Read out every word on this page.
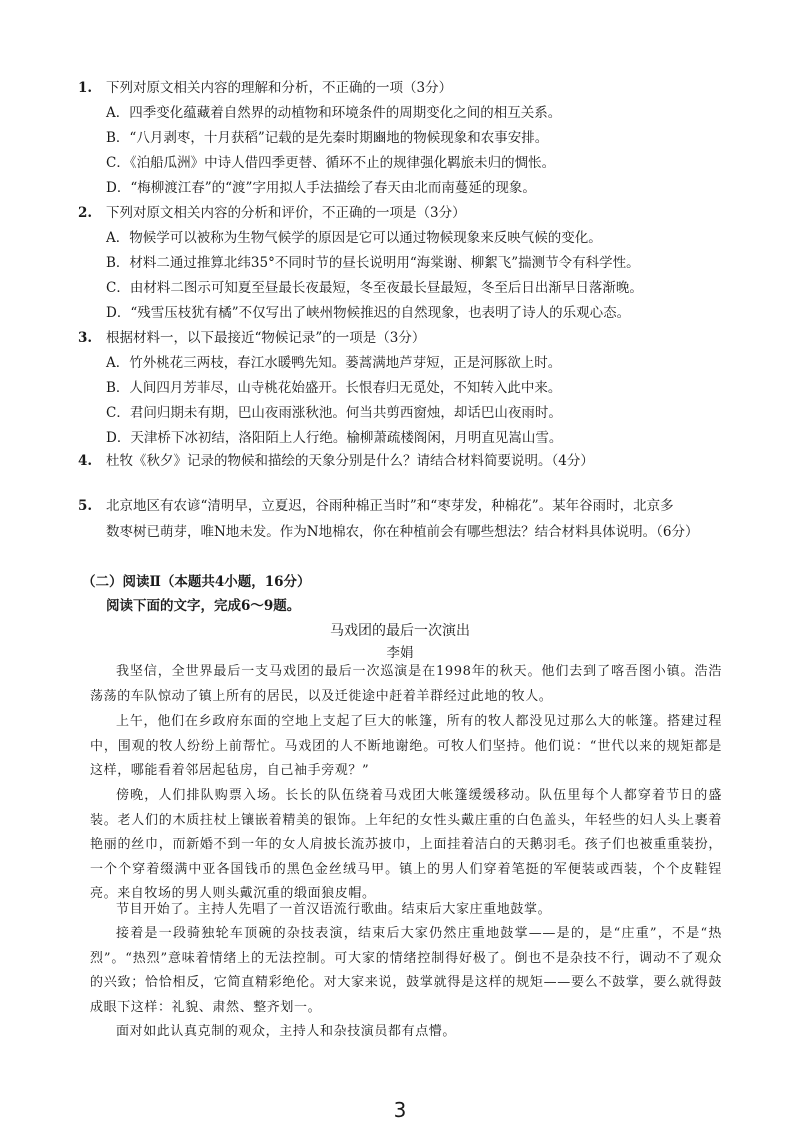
1. 下列对原文相关内容的理解和分析，不正确的一项（3分）
A．四季变化蕴藏着自然界的动植物和环境条件的周期变化之间的相互关系。
B．“八月剥枣，十月获稻”记载的是先秦时期豳地的物候现象和农事安排。
C．《泊船瓜洲》中诗人借四季更替、循环不止的规律强化羁旅未归的惆怅。
D．“梅柳渡江春”的“渡”字用拟人手法描绘了春天由北而南蔓延的现象。
2. 下列对原文相关内容的分析和评价，不正确的一项是（3分）
A．物候学可以被称为生物气候学的原因是它可以通过物候现象来反映气候的变化。
B．材料二通过推算北纬35°不同时节的昼长说明用“海棠谢、柳絮飞”揣测节令有科学性。
C．由材料二图示可知夏至昼最长夜最短，冬至夜最长昼最短，冬至后日出渐早日落渐晚。
D．“残雪压枝犹有橘”不仅写出了峡州物候推迟的自然现象，也表明了诗人的乐观心态。
3. 根据材料一，以下最接近“物候记录”的一项是（3分）
A．竹外桃花三两枝，春江水暖鸭先知。蒌蒿满地芦芽短，正是河豚欲上时。
B．人间四月芳菲尽，山寺桃花始盛开。长恨春归无觅处，不知转入此中来。
C．君问归期未有期，巴山夜雨涨秋池。何当共剪西窗烛，却话巴山夜雨时。
D．天津桥下冰初结，洛阳陌上人行绝。榆柳萧疏楼阁闲，月明直见嵩山雪。
4. 杜牧《秋夕》记录的物候和描绘的天象分别是什么？请结合材料简要说明。（4分）
5. 北京地区有农谚“清明早，立夏迟，谷雨种棉正当时”和“枣芽发，种棉花”。某年谷雨时，北京多
数枣树已萌芽，唯N地未发。作为N地棉农，你在种植前会有哪些想法？结合材料具体说明。（6分）
（二）阅读Ⅱ（本题共4小题，16分）
阅读下面的文字，完成6～9题。
马戏团的最后一次演出
李娟
我坚信，全世界最后一支马戏团的最后一次巡演是在1998年的秋天。他们去到了喀吾图小镇。浩浩荡荡的车队惊动了镇上所有的居民，以及迁徙途中赶着羊群经过此地的牧人。
上午，他们在乡政府东面的空地上支起了巨大的帐篷，所有的牧人都没见过那么大的帐篷。搭建过程中，围观的牧人纷纷上前帮忙。马戏团的人不断地谢绝。可牧人们坚持。他们说：“世代以来的规矩都是这样，哪能看着邻居起毡房，自己袖手旁观？”
傍晚，人们排队购票入场。长长的队伍绕着马戏团大帐篷缓缓移动。队伍里每个人都穿着节日的盛装。老人们的木质拄杖上镶嵌着精美的银饰。上年纪的女性头戴庄重的白色盖头，年轻些的妇人头上裹着艳丽的丝巾，而新婚不到一年的女人肩披长流苏披巾，上面挂着洁白的天鹅羽毛。孩子们也被重重装扮，一个个穿着缀满中亚各国钱币的黑色金丝绒马甲。镇上的男人们穿着笔挺的军便装或西装，个个皮鞋锃亮。来自牧场的男人则头戴沉重的缎面狼皮帽。
节目开始了。主持人先唱了一首汉语流行歌曲。结束后大家庄重地鼓掌。
接着是一段骑独轮车顶碗的杂技表演，结束后大家仍然庄重地鼓掌——是的，是“庄重”，不是“热烈”。“热烈”意味着情绪上的无法控制。可大家的情绪控制得好极了。倒也不是杂技不行，调动不了观众的兴致；恰恰相反，它简直精彩绝伦。对大家来说，鼓掌就得是这样的规矩——要么不鼓掌，要么就得鼓成眼下这样：礼貌、肃然、整齐划一。
面对如此认真克制的观众，主持人和杂技演员都有点懵。
3
